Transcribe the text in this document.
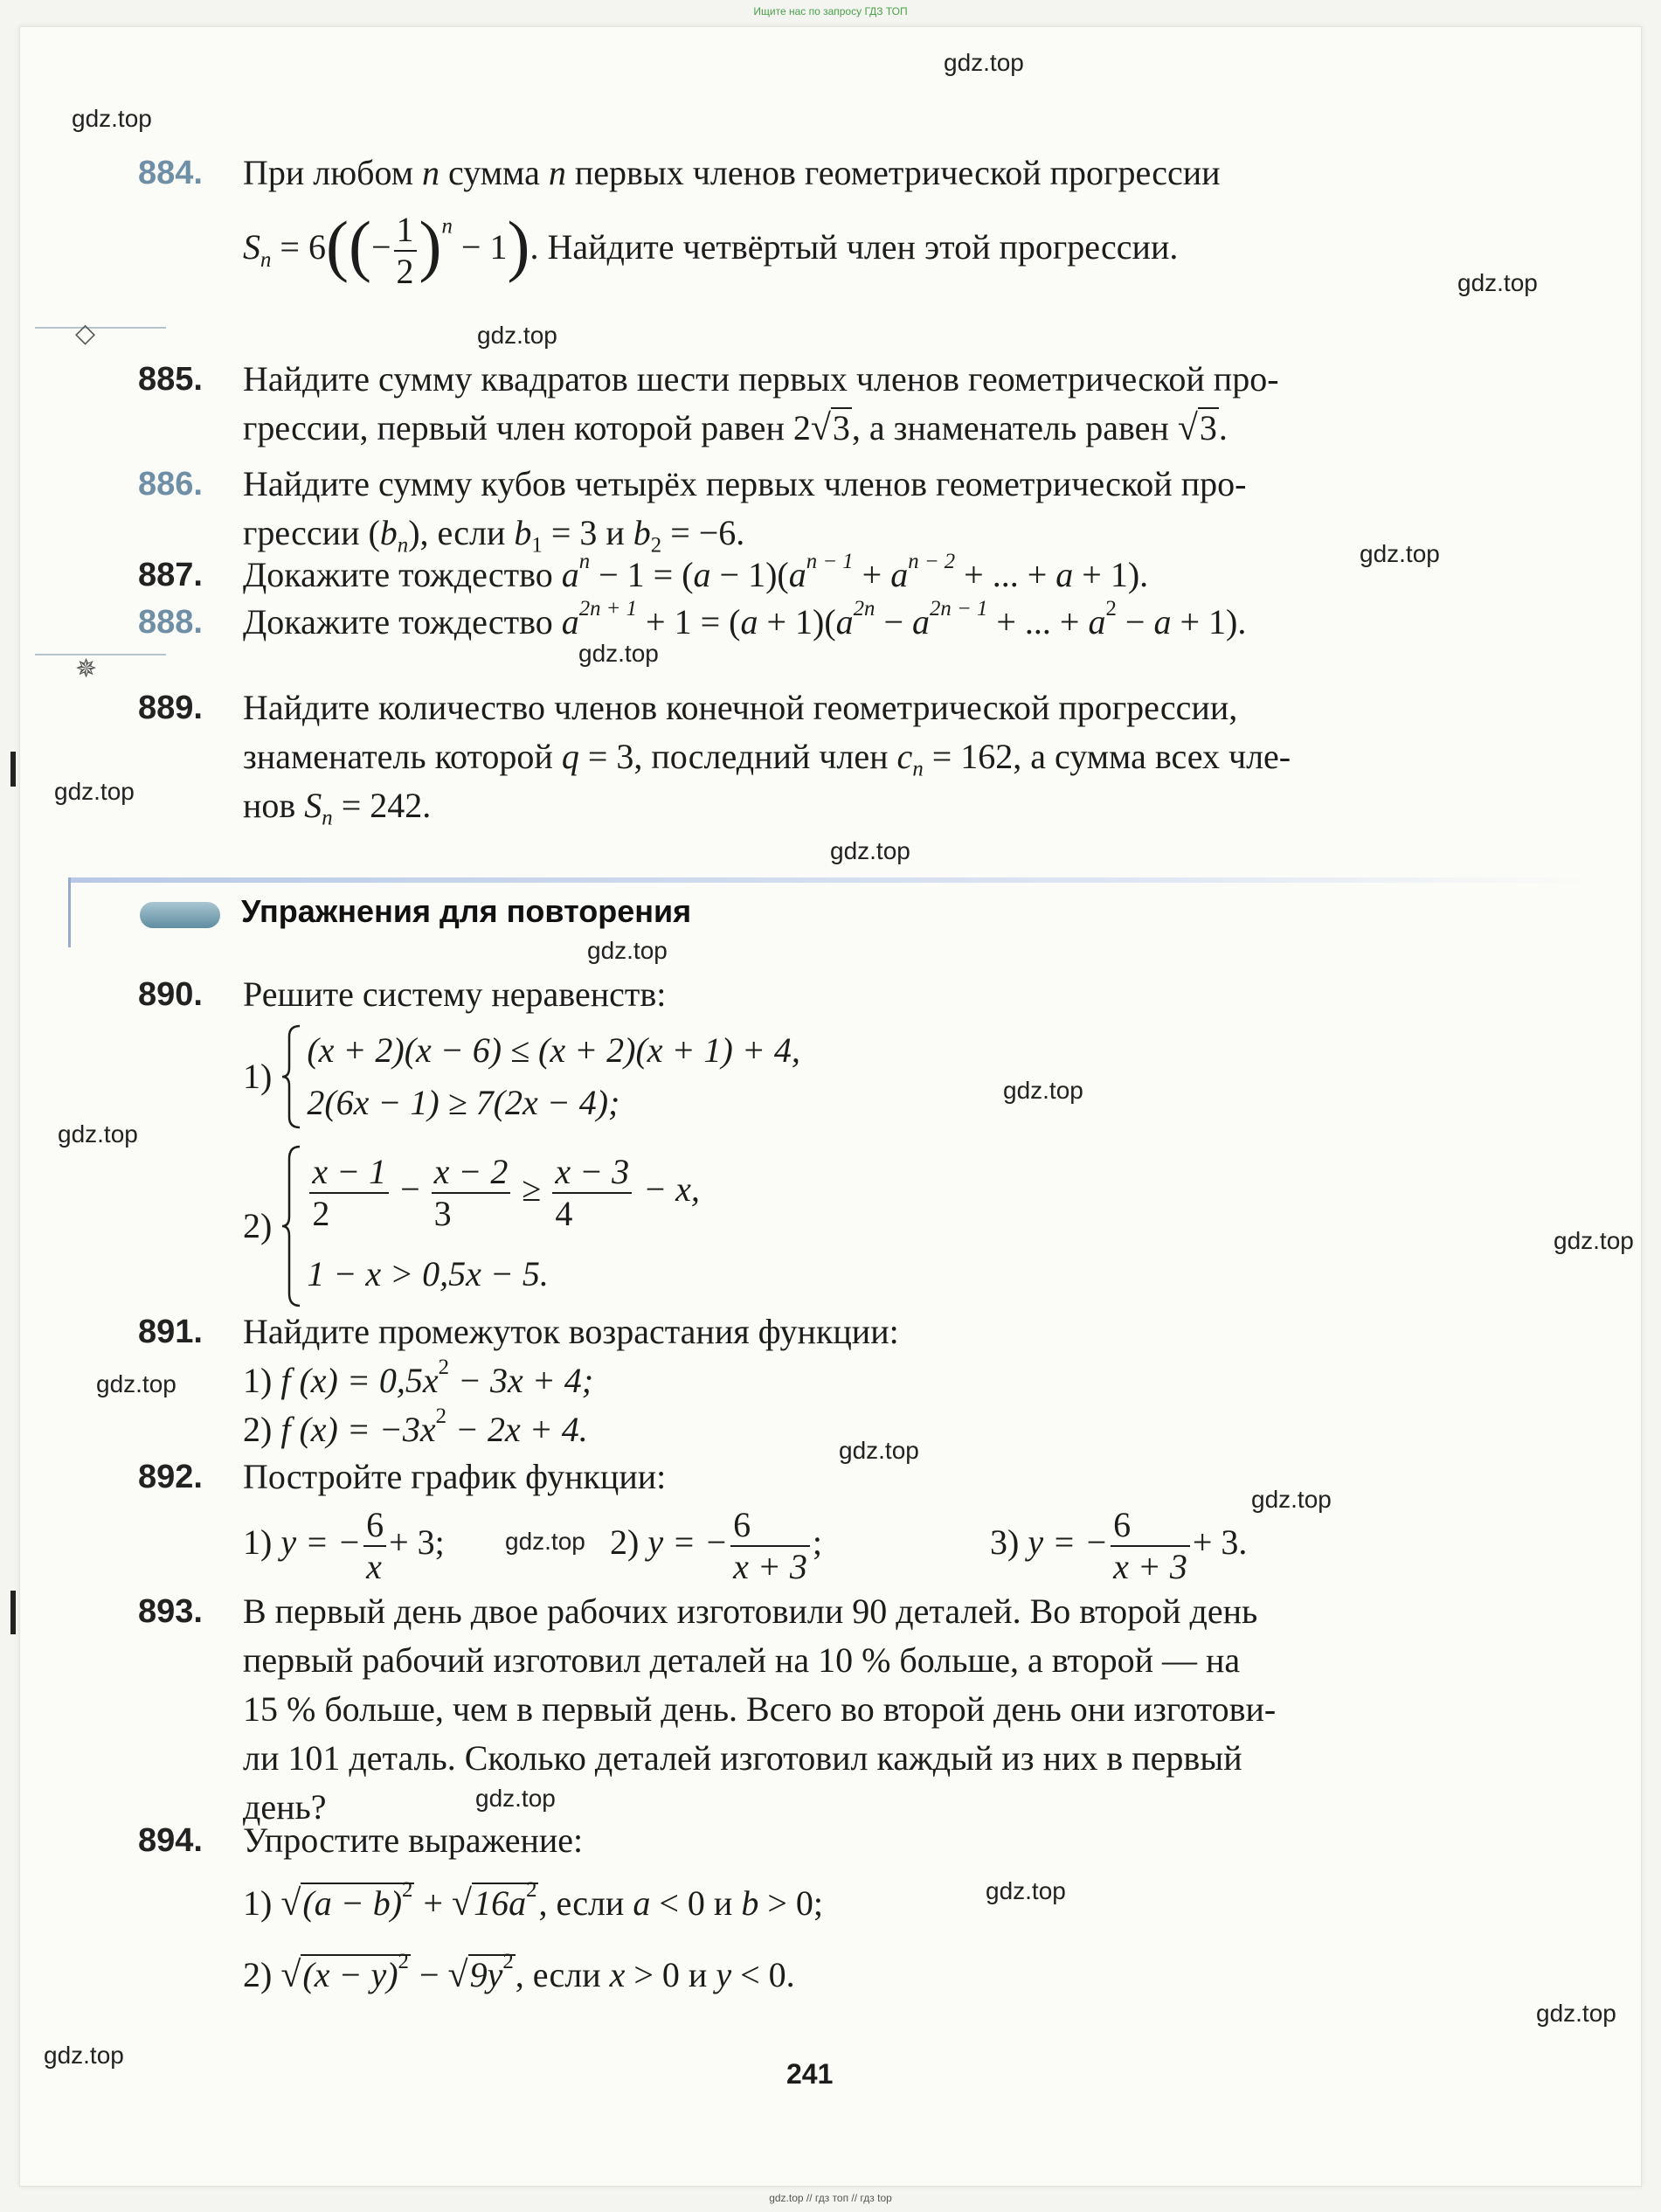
Ищите нас по запросу ГДЗ ТОП
gdz.top
gdz.top
gdz.top
gdz.top
gdz.top
gdz.top
gdz.top
gdz.top
gdz.top
gdz.top
gdz.top
gdz.top
gdz.top
gdz.top
gdz.top
gdz.top
gdz.top
gdz.top
gdz.top
gdz.top
884. При любом n сумма n первых членов геометрической прогрессии
$S_n = 6((- \frac{1}{2} )^n - 1)$. Найдите четвёртый член этой прогрессии.
◇
885. Найдите сумму квадратов шести первых членов геометрической про-
грессии, первый член которой равен 2√3, а знаменатель равен √3.
886. Найдите сумму кубов четырёх первых членов геометрической про-
грессии $(b_n)$, если $b_1 = 3$ и $b_2 = -6$.
887. Докажите тождество $a^n - 1 = (a - 1)(a^{n - 1} + a^{n - 2}$ + ... + a + 1).
888. Докажите тождество $a^{2n + 1} + 1 = (a + 1)(a^{2n} - a^{2n - 1}$ + ... + $a^2 - a + 1$).
✵
889. Найдите количество членов конечной геометрической прогрессии,
знаменатель которой q = 3, последний член $c_n = 162$, а сумма всех чле-
нов $S_n = 242$.
Упражнения для повторения
890. Решите систему неравенств:
1)
(x + 2)(x − 6) ≤ (x + 2)(x + 1) + 4,
2(6x − 1) ≥ 7(2x − 4);
$2) \frac{x - 1}{2} - \frac{x - 2}{3} \ge \frac{x - 3}{4} - x$,
1 − x > 0,5x − 5.
891. Найдите промежуток возрастания функции:
1) f $(x) = 0,5x^2 - 3x + 4$;
2) f $(x) = -3x^2 - 2x + 4$.
892. Постройте график функции:
1) y = − $\frac{6}{x} + 3$;	2) y = − $\frac{6}{x + 3}$ ;	3) y = − $\frac{6}{x + 3} + 3$.
893. В первый день двое рабочих изготовили 90 деталей. Во второй день
первый рабочий изготовил деталей на 10 % больше, а второй — на
15 % больше, чем в первый день. Всего во второй день они изготови-
ли 101 деталь. Сколько деталей изготовил каждый из них в первый
день?
894. Упростите выражение:
1) $√(a - b)^2 + √16a^2$, если a < 0 и b > 0;
2) $√(x - y)^2 - √9y^2$, если x > 0 и y < 0.
241
gdz.top // гдз топ // гдз top
